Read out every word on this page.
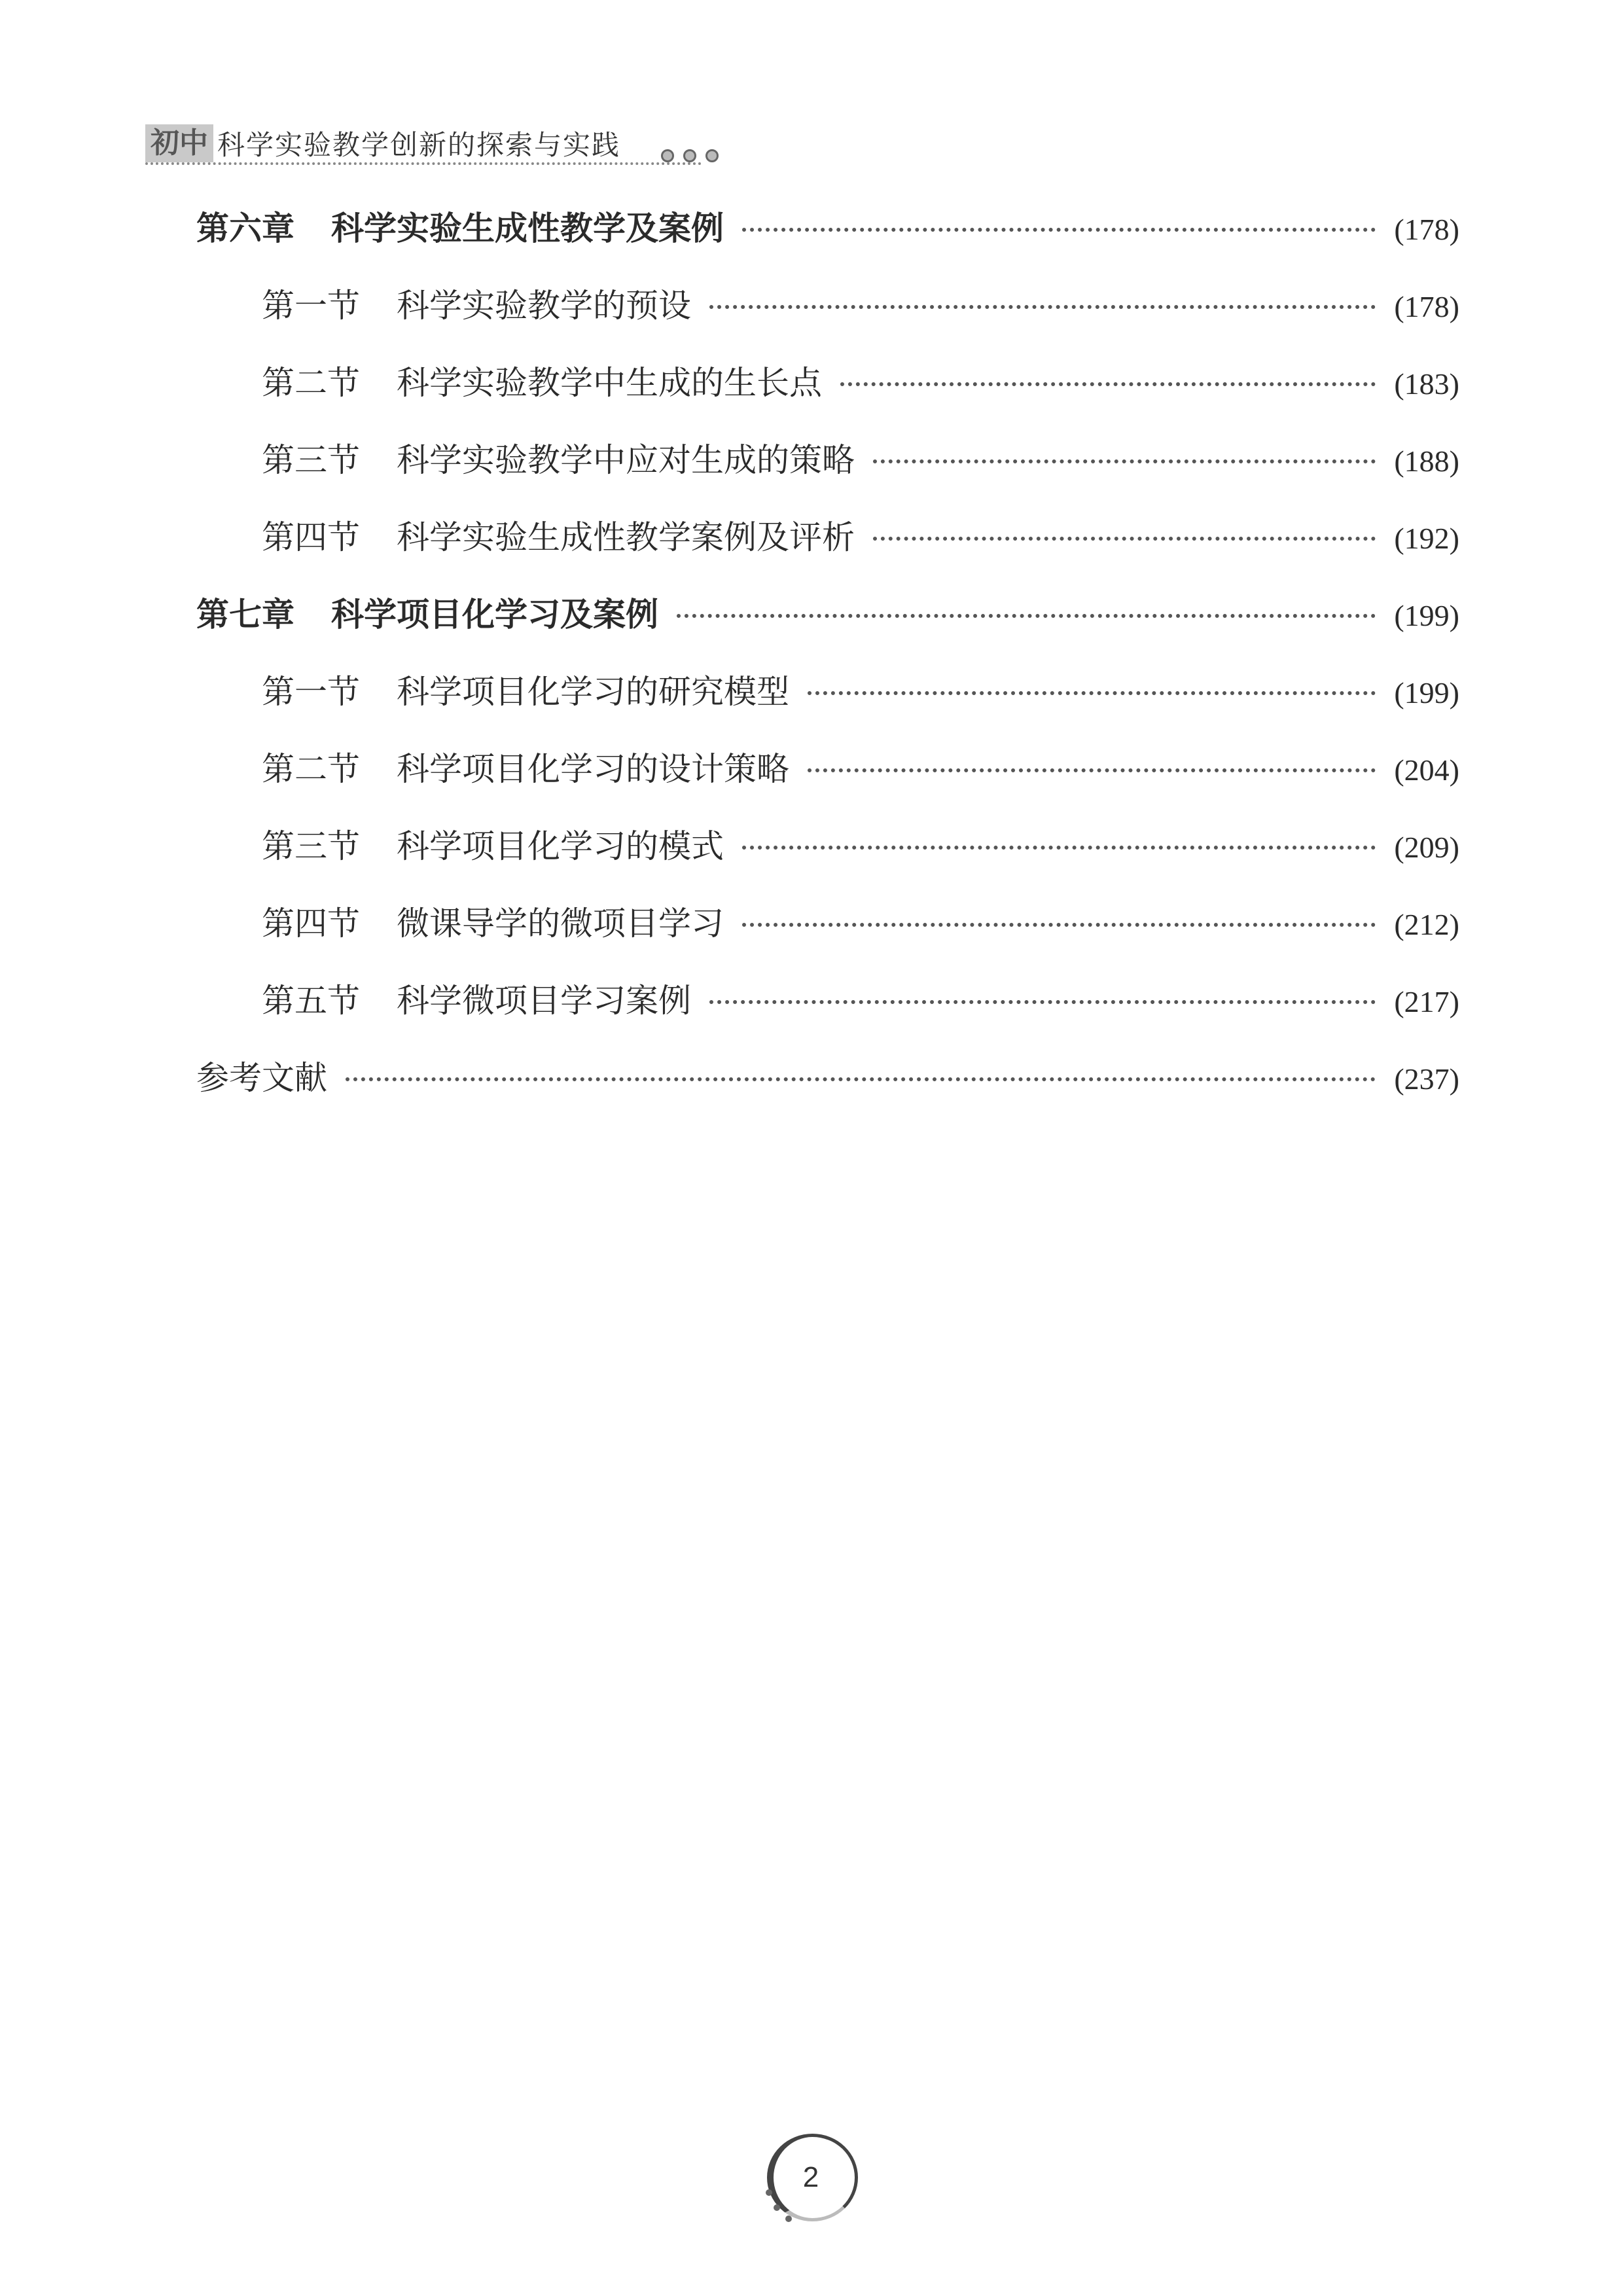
初中 科学实验教学创新的探索与实践
第六章 科学实验生成性教学及案例	(178)
第一节 科学实验教学的预设	(178)
第二节 科学实验教学中生成的生长点	(183)
第三节 科学实验教学中应对生成的策略	(188)
第四节 科学实验生成性教学案例及评析	(192)
第七章 科学项目化学习及案例	(199)
第一节 科学项目化学习的研究模型	(199)
第二节 科学项目化学习的设计策略	(204)
第三节 科学项目化学习的模式	(209)
第四节 微课导学的微项目学习	(212)
第五节 科学微项目学习案例	(217)
参考文献	(237)
2
